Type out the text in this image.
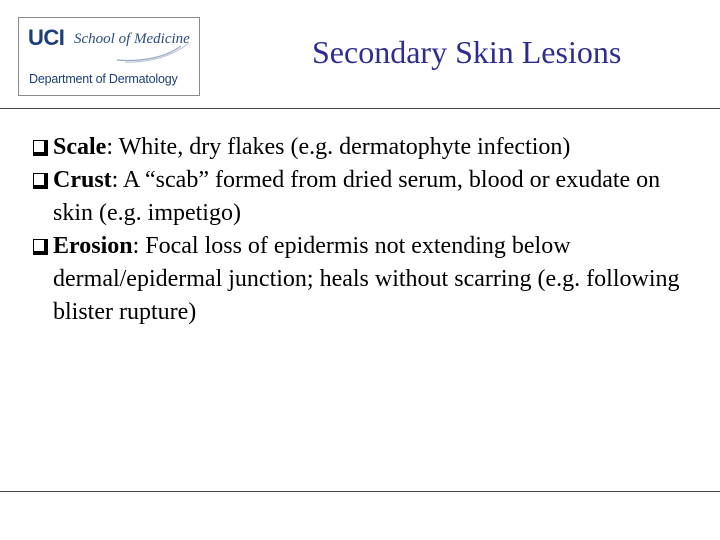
UCI School of Medicine
Department of Dermatology
Secondary Skin Lesions
Scale: White, dry flakes (e.g. dermatophyte infection)
Crust: A “scab” formed from dried serum, blood or exudate on skin (e.g. impetigo)
Erosion: Focal loss of epidermis not extending below dermal/epidermal junction; heals without scarring (e.g. following blister rupture)
